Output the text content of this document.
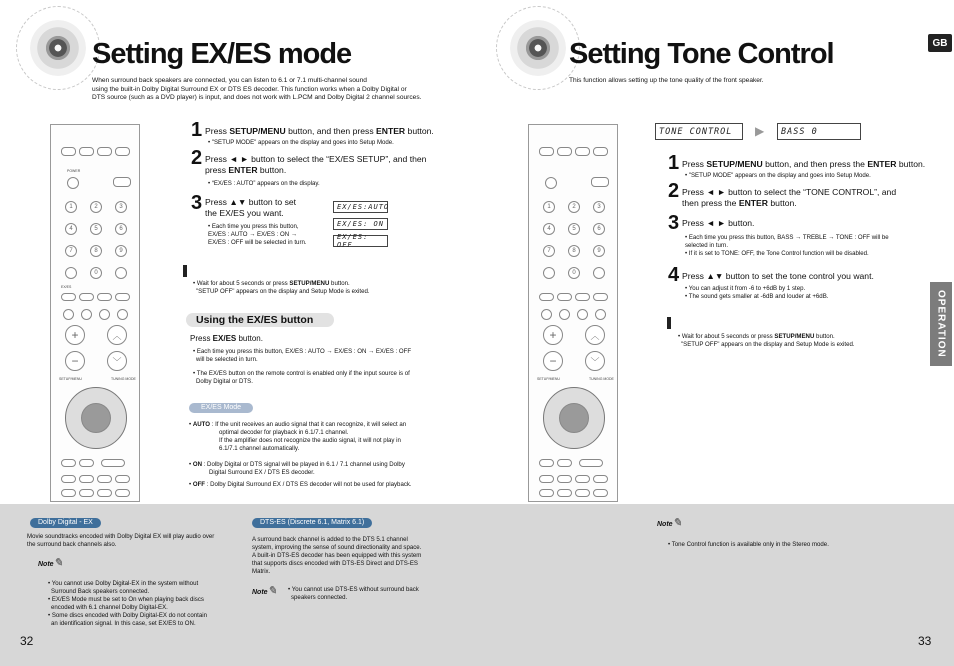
Setting EX/ES mode
When surround back speakers are connected, you can listen to 6.1 or 7.1 multi-channel sound
using the built-in Dolby Digital Surround EX or DTS ES decoder. This function works when a Dolby Digital or
DTS source (such as a DVD player) is input, and does not work with L.PCM and Dolby Digital 2 channel sources.
POWER
1	2	3
4	5	6
7	8	9
0
EX/ES
+	︿
−	﹀
SETUP/MENU	TUNING MODE
1 Press SETUP/MENU button, and then press ENTER button.
• "SETUP MODE" appears on the display and goes into Setup Mode.
2 Press ◄ ► button to select the “EX/ES SETUP”, and then
press ENTER button.
• “EX/ES : AUTO” appears on the display.
3 Press ▲▼ button to set
the EX/ES you want.
• Each time you press this button,
EX/ES : AUTO → EX/ES : ON →
EX/ES : OFF will be selected in turn.
EX/ES:AUTO
EX/ES: ON
EX/ES: OFF
• Wait for about 5 seconds or press SETUP/MENU button.
"SETUP OFF" appears on the display and Setup Mode is exited.
Using the EX/ES button
Press EX/ES button.
• Each time you press this button, EX/ES : AUTO → EX/ES : ON → EX/ES : OFF
will be selected in turn.
• The EX/ES button on the remote control is enabled only if the input source is of
Dolby Digital or DTS.
EX/ES Mode
• AUTO : If the unit receives an audio signal that it can recognize, it will select an
optimal decoder for playback in 6.1/7.1 channel.
If the amplifier does not recognize the audio signal, it will not play in
6.1/7.1 channel automatically.
• ON : Dolby Digital or DTS signal will be played in 6.1 / 7.1 channel using Dolby
Digital Surround EX / DTS ES decoder.
• OFF : Dolby Digital Surround EX / DTS ES decoder will not be used for playback.
Dolby Digital - EX
Movie soundtracks encoded with Dolby Digital EX will play audio over
the surround back channels also.
Note✎
• You cannot use Dolby Digital-EX in the system without
Surround Back speakers connected.
• EX/ES Mode must be set to On when playing back discs
encoded with 6.1 channel Dolby Digital-EX.
• Some discs encoded with Dolby Digital-EX do not contain
an identification signal. In this case, set EX/ES to ON.
DTS-ES (Discrete 6.1, Matrix 6.1)
A surround back channel is added to the DTS 5.1 channel
system, improving the sense of sound directionality and space.
A built-in DTS-ES decoder has been equipped with this system
that supports discs encoded with DTS-ES Direct and DTS-ES
Matrix.
Note✎ • You cannot use DTS-ES without surround back
speakers connected.
32
Setting Tone Control
This function allows setting up the tone quality of the front speaker.
GB
OPERATION
1	2	3
4	5	6
7	8	9
0
+	︿
−	﹀
SETUP/MENU	TUNING MODE
TONE CONTROL	▶	BASS 0
1 Press SETUP/MENU button, and then press the ENTER button.
• "SETUP MODE" appears on the display and goes into Setup Mode.
2 Press ◄ ► button to select the “TONE CONTROL”, and
then press the ENTER button.
3 Press ◄ ► button.
• Each time you press this button, BASS → TREBLE → TONE : OFF will be
selected in turn.
• If it is set to TONE: OFF, the Tone Control function will be disabled.
4 Press ▲▼ button to set the tone control you want.
• You can adjust it from -6 to +6dB by 1 step.
• The sound gets smaller at -6dB and louder at +6dB.
• Wait for about 5 seconds or press SETUP/MENU button.
"SETUP OFF" appears on the display and Setup Mode is exited.
Note✎
• Tone Control function is available only in the Stereo mode.
33
